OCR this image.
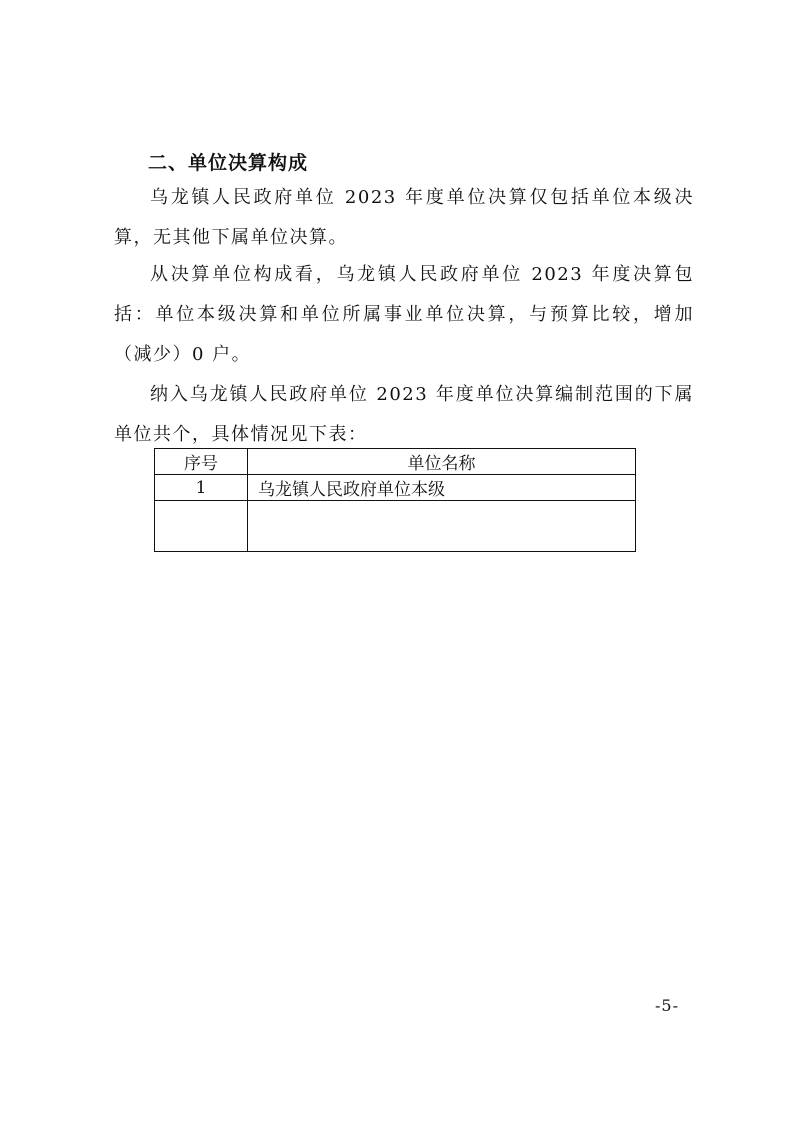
二、单位决算构成

乌龙镇人民政府单位 2023 年度单位决算仅包括单位本级决算，无其他下属单位决算。

从决算单位构成看，乌龙镇人民政府单位 2023 年度决算包括：单位本级决算和单位所属事业单位决算，与预算比较，增加（减少）0 户。

纳入乌龙镇人民政府单位 2023 年度单位决算编制范围的下属单位共个，具体情况见下表：

序号	单位名称
1	乌龙镇人民政府单位本级

-5-
